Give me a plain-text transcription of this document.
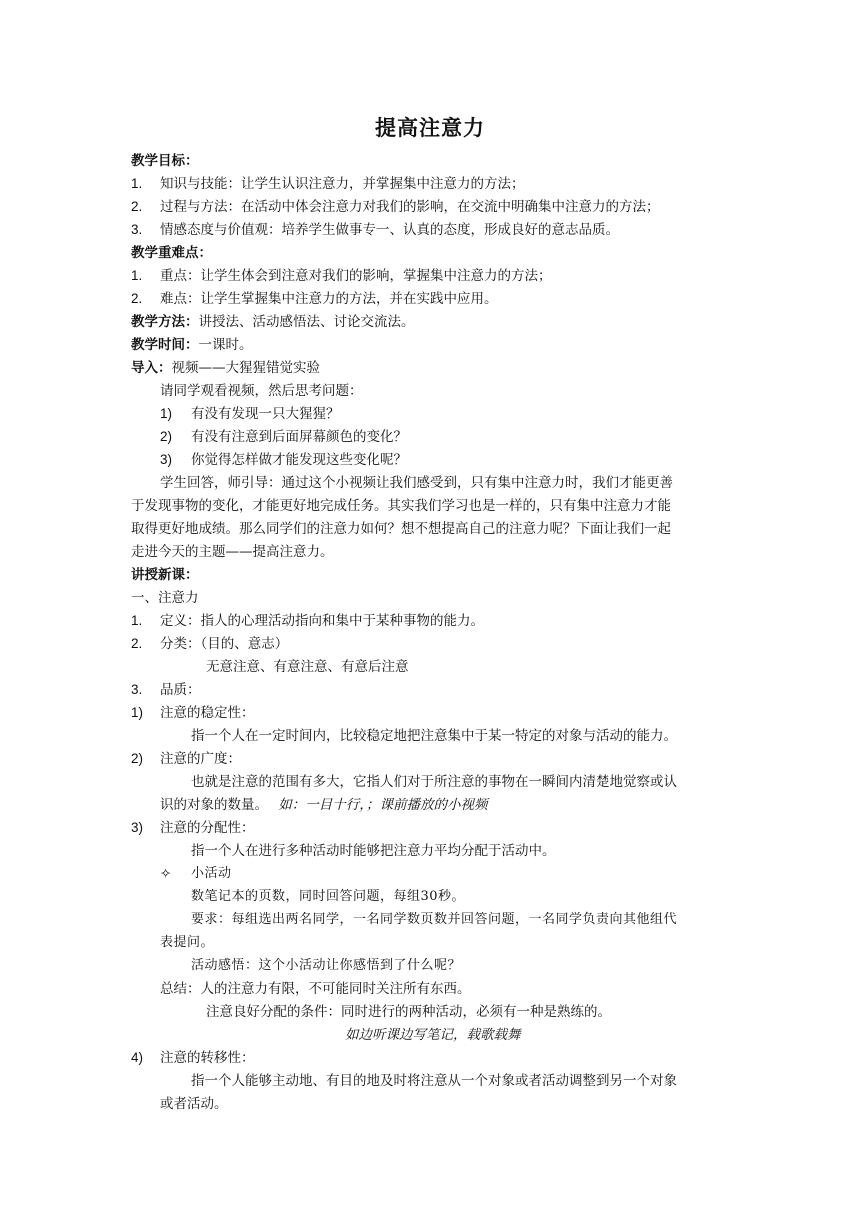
提高注意力
教学目标：
1. 知识与技能：让学生认识注意力，并掌握集中注意力的方法；
2. 过程与方法：在活动中体会注意力对我们的影响，在交流中明确集中注意力的方法；
3. 情感态度与价值观：培养学生做事专一、认真的态度，形成良好的意志品质。
教学重难点：
1. 重点：让学生体会到注意对我们的影响，掌握集中注意力的方法；
2. 难点：让学生掌握集中注意力的方法，并在实践中应用。
教学方法：讲授法、活动感悟法、讨论交流法。
教学时间：一课时。
导入：视频——大猩猩错觉实验
请同学观看视频，然后思考问题：
1) 有没有发现一只大猩猩？
2) 有没有注意到后面屏幕颜色的变化？
3) 你觉得怎样做才能发现这些变化呢？
学生回答，师引导：通过这个小视频让我们感受到，只有集中注意力时，我们才能更善
于发现事物的变化，才能更好地完成任务。其实我们学习也是一样的，只有集中注意力才能
取得更好地成绩。那么同学们的注意力如何？想不想提高自己的注意力呢？下面让我们一起
走进今天的主题——提高注意力。
讲授新课：
一、注意力
1. 定义：指人的心理活动指向和集中于某种事物的能力。
2. 分类：（目的、意志）
无意注意、有意注意、有意后注意
3. 品质：
1) 注意的稳定性：
指一个人在一定时间内，比较稳定地把注意集中于某一特定的对象与活动的能力。
2) 注意的广度：
也就是注意的范围有多大，它指人们对于所注意的事物在一瞬间内清楚地觉察或认
识的对象的数量。 如：一目十行，；课前播放的小视频
3) 注意的分配性：
指一个人在进行多种活动时能够把注意力平均分配于活动中。
✧ 小活动
数笔记本的页数，同时回答问题，每组30秒。
要求：每组选出两名同学，一名同学数页数并回答问题，一名同学负责向其他组代
表提问。
活动感悟：这个小活动让你感悟到了什么呢？
总结：人的注意力有限，不可能同时关注所有东西。
注意良好分配的条件：同时进行的两种活动，必须有一种是熟练的。
如边听课边写笔记，载歌载舞
4) 注意的转移性：
指一个人能够主动地、有目的地及时将注意从一个对象或者活动调整到另一个对象
或者活动。
